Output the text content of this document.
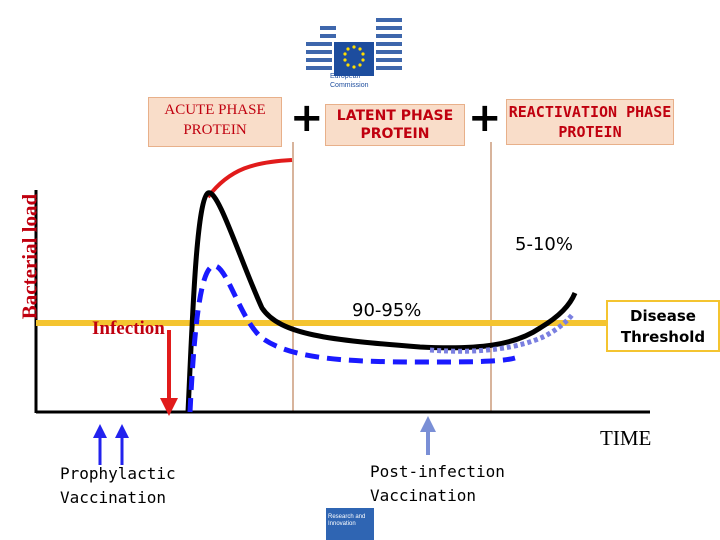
European
Commission
ACUTE PHASE PROTEIN	+ LATENT PHASE PROTEIN + REACTIVATION PHASE PROTEIN
Bacterial load
Infection
90-95%
5-10%
Disease
Threshold
TIME
Prophylactic
Vaccination
Post-infection
Vaccination
Research and
Innovation
